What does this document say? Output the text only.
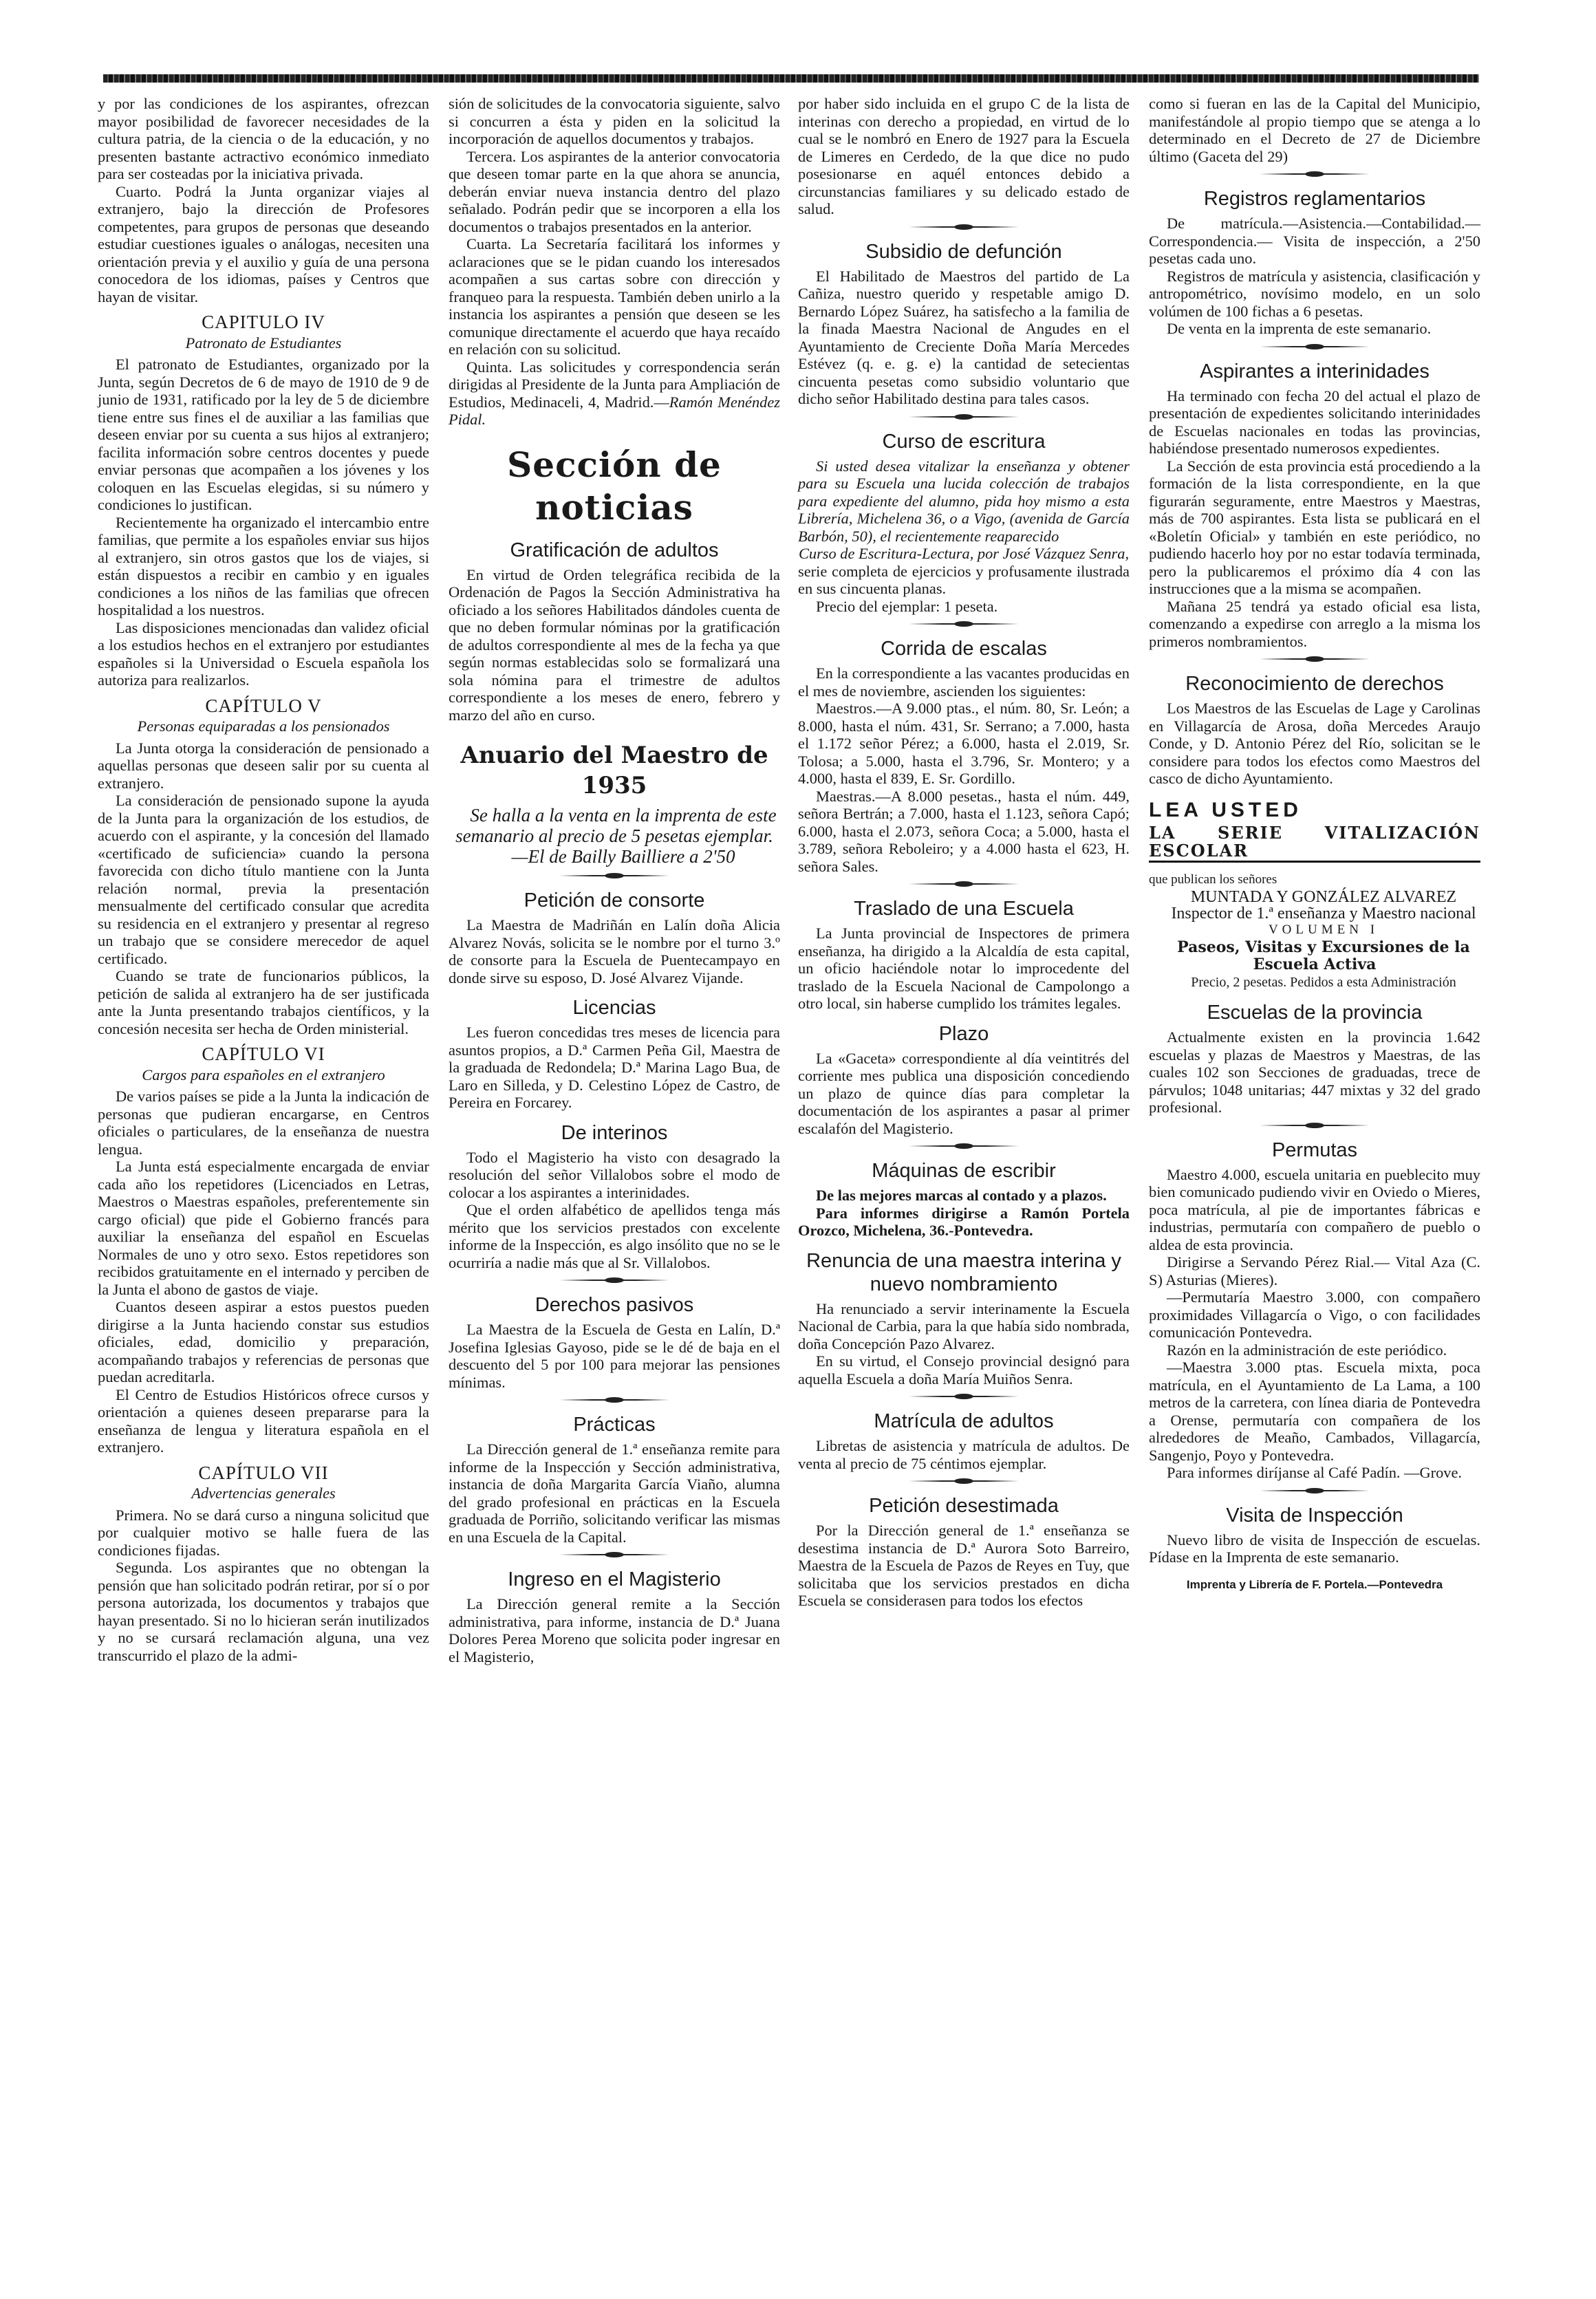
y por las condiciones de los aspirantes, ofrezcan mayor posibilidad de favorecer necesidades de la cultura patria, de la ciencia o de la educación, y no presenten bastante actractivo económico inmediato para ser costeadas por la iniciativa privada.

Cuarto. Podrá la Junta organizar viajes al extranjero, bajo la dirección de Profesores competentes, para grupos de personas que deseando estudiar cuestiones iguales o análogas, necesiten una orientación previa y el auxilio y guía de una persona conocedora de los idiomas, países y Centros que hayan de visitar.

CAPITULO IV
Patronato de Estudiantes

El patronato de Estudiantes, organizado por la Junta, según Decretos de 6 de mayo de 1910 de 9 de junio de 1931, ratificado por la ley de 5 de diciembre tiene entre sus fines el de auxiliar a las familias que deseen enviar por su cuenta a sus hijos al extranjero; facilita información sobre centros docentes y puede enviar personas que acompañen a los jóvenes y los coloquen en las Escuelas elegidas, si su número y condiciones lo justifican.

Recientemente ha organizado el intercambio entre familias, que permite a los españoles enviar sus hijos al extranjero, sin otros gastos que los de viajes, si están dispuestos a recibir en cambio y en iguales condiciones a los niños de las familias que ofrecen hospitalidad a los nuestros.

Las disposiciones mencionadas dan validez oficial a los estudios hechos en el extranjero por estudiantes españoles si la Universidad o Escuela española los autoriza para realizarlos.

CAPÍTULO V
Personas equiparadas a los pensionados

La Junta otorga la consideración de pensionado a aquellas personas que deseen salir por su cuenta al extranjero.

La consideración de pensionado supone la ayuda de la Junta para la organización de los estudios, de acuerdo con el aspirante, y la concesión del llamado «certificado de suficiencia» cuando la persona favorecida con dicho título mantiene con la Junta relación normal, previa la presentación mensualmente del certificado consular que acredita su residencia en el extranjero y presentar al regreso un trabajo que se considere merecedor de aquel certificado.

Cuando se trate de funcionarios públicos, la petición de salida al extranjero ha de ser justificada ante la Junta presentando trabajos científicos, y la concesión necesita ser hecha de Orden ministerial.

CAPÍTULO VI
Cargos para españoles en el extranjero

De varios países se pide a la Junta la indicación de personas que pudieran encargarse, en Centros oficiales o particulares, de la enseñanza de nuestra lengua.

La Junta está especialmente encargada de enviar cada año los repetidores (Licenciados en Letras, Maestros o Maestras españoles, preferentemente sin cargo oficial) que pide el Gobierno francés para auxiliar la enseñanza del español en Escuelas Normales de uno y otro sexo. Estos repetidores son recibidos gratuitamente en el internado y perciben de la Junta el abono de gastos de viaje.

Cuantos deseen aspirar a estos puestos pueden dirigirse a la Junta haciendo constar sus estudios oficiales, edad, domicilio y preparación, acompañando trabajos y referencias de personas que puedan acreditarla.

El Centro de Estudios Históricos ofrece cursos y orientación a quienes deseen prepararse para la enseñanza de lengua y literatura española en el extranjero.

CAPÍTULO VII
Advertencias generales

Primera. No se dará curso a ninguna solicitud que por cualquier motivo se halle fuera de las condiciones fijadas.

Segunda. Los aspirantes que no obtengan la pensión que han solicitado podrán retirar, por sí o por persona autorizada, los documentos y trabajos que hayan presentado. Si no lo hicieran serán inutilizados y no se cursará reclamación alguna, una vez transcurrido el plazo de la admi-

sión de solicitudes de la convocatoria siguiente, salvo si concurren a ésta y piden en la solicitud la incorporación de aquellos documentos y trabajos.

Tercera. Los aspirantes de la anterior convocatoria que deseen tomar parte en la que ahora se anuncia, deberán enviar nueva instancia dentro del plazo señalado. Podrán pedir que se incorporen a ella los documentos o trabajos presentados en la anterior.

Cuarta. La Secretaría facilitará los informes y aclaraciones que se le pidan cuando los interesados acompañen a sus cartas sobre con dirección y franqueo para la respuesta. También deben unirlo a la instancia los aspirantes a pensión que deseen se les comunique directamente el acuerdo que haya recaído en relación con su solicitud.

Quinta. Las solicitudes y correspondencia serán dirigidas al Presidente de la Junta para Ampliación de Estudios, Medinaceli, 4, Madrid.—Ramón Menéndez Pidal.

Sección de noticias
Gratificación de adultos

En virtud de Orden telegráfica recibida de la Ordenación de Pagos la Sección Administrativa ha oficiado a los señores Habilitados dándoles cuenta de que no deben formular nóminas por la gratificación de adultos correspondiente al mes de la fecha ya que según normas establecidas solo se formalizará una sola nómina para el trimestre de adultos correspondiente a los meses de enero, febrero y marzo del año en curso.

Anuario del Maestro de 1935

Se halla a la venta en la imprenta de este semanario al precio de 5 pesetas ejemplar.

—El de Bailly Bailliere a 2'50

Petición de consorte

La Maestra de Madriñán en Lalín doña Alicia Alvarez Novás, solicita se le nombre por el turno 3.º de consorte para la Escuela de Puenteсampayo en donde sirve su esposo, D. José Alvarez Vijande.

Licencias

Les fueron concedidas tres meses de licencia para asuntos propios, a D.ª Carmen Peña Gil, Maestra de la graduada de Redondela; D.ª Marina Lago Bua, de Laro en Silleda, y D. Celestino López de Castro, de Pereira en Forcarey.

De interinos

Todo el Magisterio ha visto con desagrado la resolución del señor Villalobos sobre el modo de colocar a los aspirantes a interinidades.

Que el orden alfabético de apellidos tenga más mérito que los servicios prestados con excelente informe de la Inspección, es algo insólito que no se le ocurriría a nadie más que al Sr. Villalobos.

Derechos pasivos

La Maestra de la Escuela de Gesta en Lalín, D.ª Josefina Iglesias Gayoso, pide se le dé de baja en el descuento del 5 por 100 para mejorar las pensiones mínimas.

Prácticas

La Dirección general de 1.ª enseñanza remite para informe de la Inspección y Sección administrativa, instancia de doña Margarita García Viaño, alumna del grado profesional en prácticas en la Escuela graduada de Porriño, solicitando verificar las mismas en una Escuela de la Capital.

Ingreso en el Magisterio

La Dirección general remite a la Sección administrativa, para informe, instancia de D.ª Juana Dolores Perea Moreno que solicita poder ingresar en el Magisterio,

por haber sido incluida en el grupo C de la lista de interinas con derecho a propiedad, en virtud de lo cual se le nombró en Enero de 1927 para la Escuela de Limeres en Cerdedo, de la que dice no pudo posesionarse en aquél entonces debido a circunstancias familiares y su delicado estado de salud.

Subsidio de defunción

El Habilitado de Maestros del partido de La Cañiza, nuestro querido y respetable amigo D. Bernardo López Suárez, ha satisfecho a la familia de la finada Maestra Nacional de Angudes en el Ayuntamiento de Creciente Doña María Mercedes Estévez (q. e. g. e) la cantidad de setecientas cincuenta pesetas como subsidio voluntario que dicho señor Habilitado destina para tales casos.

Curso de escritura

Si usted desea vitalizar la enseñanza y obtener para su Escuela una lucida colección de trabajos para expediente del alumno, pida hoy mismo a esta Librería, Michelena 36, o a Vigo, (avenida de García Barbón, 50), el recientemente reaparecido

Curso de Escritura-Lectura, por José Vázquez Senra,

serie completa de ejercicios y profusamente ilustrada en sus cincuenta planas.

Precio del ejemplar: 1 peseta.

Corrida de escalas

En la correspondiente a las vacantes producidas en el mes de noviembre, ascienden los siguientes:

Maestros.—A 9.000 ptas., el núm. 80, Sr. León; a 8.000, hasta el núm. 431, Sr. Serrano; a 7.000, hasta el 1.172 señor Pérez; a 6.000, hasta el 2.019, Sr. Tolosa; a 5.000, hasta el 3.796, Sr. Montero; y a 4.000, hasta el 839, E. Sr. Gordillo.

Maestras.—A 8.000 pesetas., hasta el núm. 449, señora Bertrán; a 7.000, hasta el 1.123, señora Capó; 6.000, hasta el 2.073, señora Coca; a 5.000, hasta el 3.789, señora Reboleiro; y a 4.000 hasta el 623, H. señora Sales.

Traslado de una Escuela

La Junta provincial de Inspectores de primera enseñanza, ha dirigido a la Alcaldía de esta capital, un oficio haciéndole notar lo improcedente del traslado de la Escuela Nacional de Campolongo a otro local, sin haberse cumplido los trámites legales.

Plazo

La «Gaceta» correspondiente al día veintitrés del corriente mes publica una disposición concediendo un plazo de quince días para completar la documentación de los aspirantes a pasar al primer escalafón del Magisterio.

Máquinas de escribir

De las mejores marcas al contado y a plazos.

Para informes dirigirse a Ramón Portela Orozco, Michelena, 36.-Pontevedra.

Renuncia de una maestra interina y nuevo nombramiento

Ha renunciado a servir interinamente la Escuela Nacional de Carbia, para la que había sido nombrada, doña Concepción Pazo Alvarez.

En su virtud, el Consejo provincial designó para aquella Escuela a doña María Muiños Senra.

Matrícula de adultos

Libretas de asistencia y matrícula de adultos. De venta al precio de 75 céntimos ejemplar.

Petición desestimada

Por la Dirección general de 1.ª enseñanza se desestima instancia de D.ª Aurora Soto Barreiro, Maestra de la Escuela de Pazos de Reyes en Tuy, que solicitaba que los servicios prestados en dicha Escuela se considerasen para todos los efectos

como si fueran en las de la Capital del Municipio, manifestándole al propio tiempo que se atenga a lo determinado en el Decreto de 27 de Diciembre último (Gaceta del 29)

Registros reglamentarios

De matrícula.—Asistencia.—Contabilidad.—Correspondencia.— Visita de inspección, a 2'50 pesetas cada uno.

Registros de matrícula y asistencia, clasificación y antropométrico, novísimo modelo, en un solo volúmen de 100 fichas a 6 pesetas.

De venta en la imprenta de este semanario.

Aspirantes a interinidades

Ha terminado con fecha 20 del actual el plazo de presentación de expedientes solicitando interinidades de Escuelas nacionales en todas las provincias, habiéndose presentado numerosos expedientes.

La Sección de esta provincia está procediendo a la formación de la lista correspondiente, en la que figurarán seguramente, entre Maestros y Maestras, más de 700 aspirantes. Esta lista se publicará en el «Boletín Oficial» y también en este periódico, no pudiendo hacerlo hoy por no estar todavía terminada, pero la publicaremos el próximo día 4 con las instrucciones que a la misma se acompañen.

Mañana 25 tendrá ya estado oficial esa lista, comenzando a expedirse con arreglo a la misma los primeros nombramientos.

Reconocimiento de derechos

Los Maestros de las Escuelas de Lage y Carolinas en Villagarcía de Arosa, doña Mercedes Araujo Conde, y D. Antonio Pérez del Río, solicitan se le considere para todos los efectos como Maestros del casco de dicho Ayuntamiento.

LEA USTED
LA SERIE VITALIZACIÓN ESCOLAR

que publican los señores

MUNTADA Y GONZÁLEZ ALVAREZ

Inspector de 1.ª enseñanza y Maestro nacional

VOLUMEN I

Paseos, Visitas y Excursiones de la Escuela Activa

Precio, 2 pesetas. Pedidos a esta Administración

Escuelas de la provincia

Actualmente existen en la provincia 1.642 escuelas y plazas de Maestros y Maestras, de las cuales 102 son Secciones de graduadas, trece de párvulos; 1048 unitarias; 447 mixtas y 32 del grado profesional.

Permutas

Maestro 4.000, escuela unitaria en pueblecito muy bien comunicado pudiendo vivir en Oviedo o Mieres, poca matrícula, al pie de importantes fábricas e industrias, permutaría con compañero de pueblo o aldea de esta provincia.

Dirigirse a Servando Pérez Rial.— Vital Aza (C. S) Asturias (Mieres).

—Permutaría Maestro 3.000, con compañero proximidades Villagarcía o Vigo, o con facilidades comunicación Pontevedra.

Razón en la administración de este periódico.

—Maestra 3.000 ptas. Escuela mixta, poca matrícula, en el Ayuntamiento de La Lama, a 100 metros de la carretera, con línea diaria de Pontevedra a Orense, permutaría con compañera de los alrededores de Meaño, Cambados, Villagarcía, Sangenjo, Poyo y Pontevedra.

Para informes diríjanse al Café Padín. —Grove.

Visita de Inspección

Nuevo libro de visita de Inspección de escuelas. Pídase en la Imprenta de este semanario.

Imprenta y Librería de F. Portela.—Pontevedra
